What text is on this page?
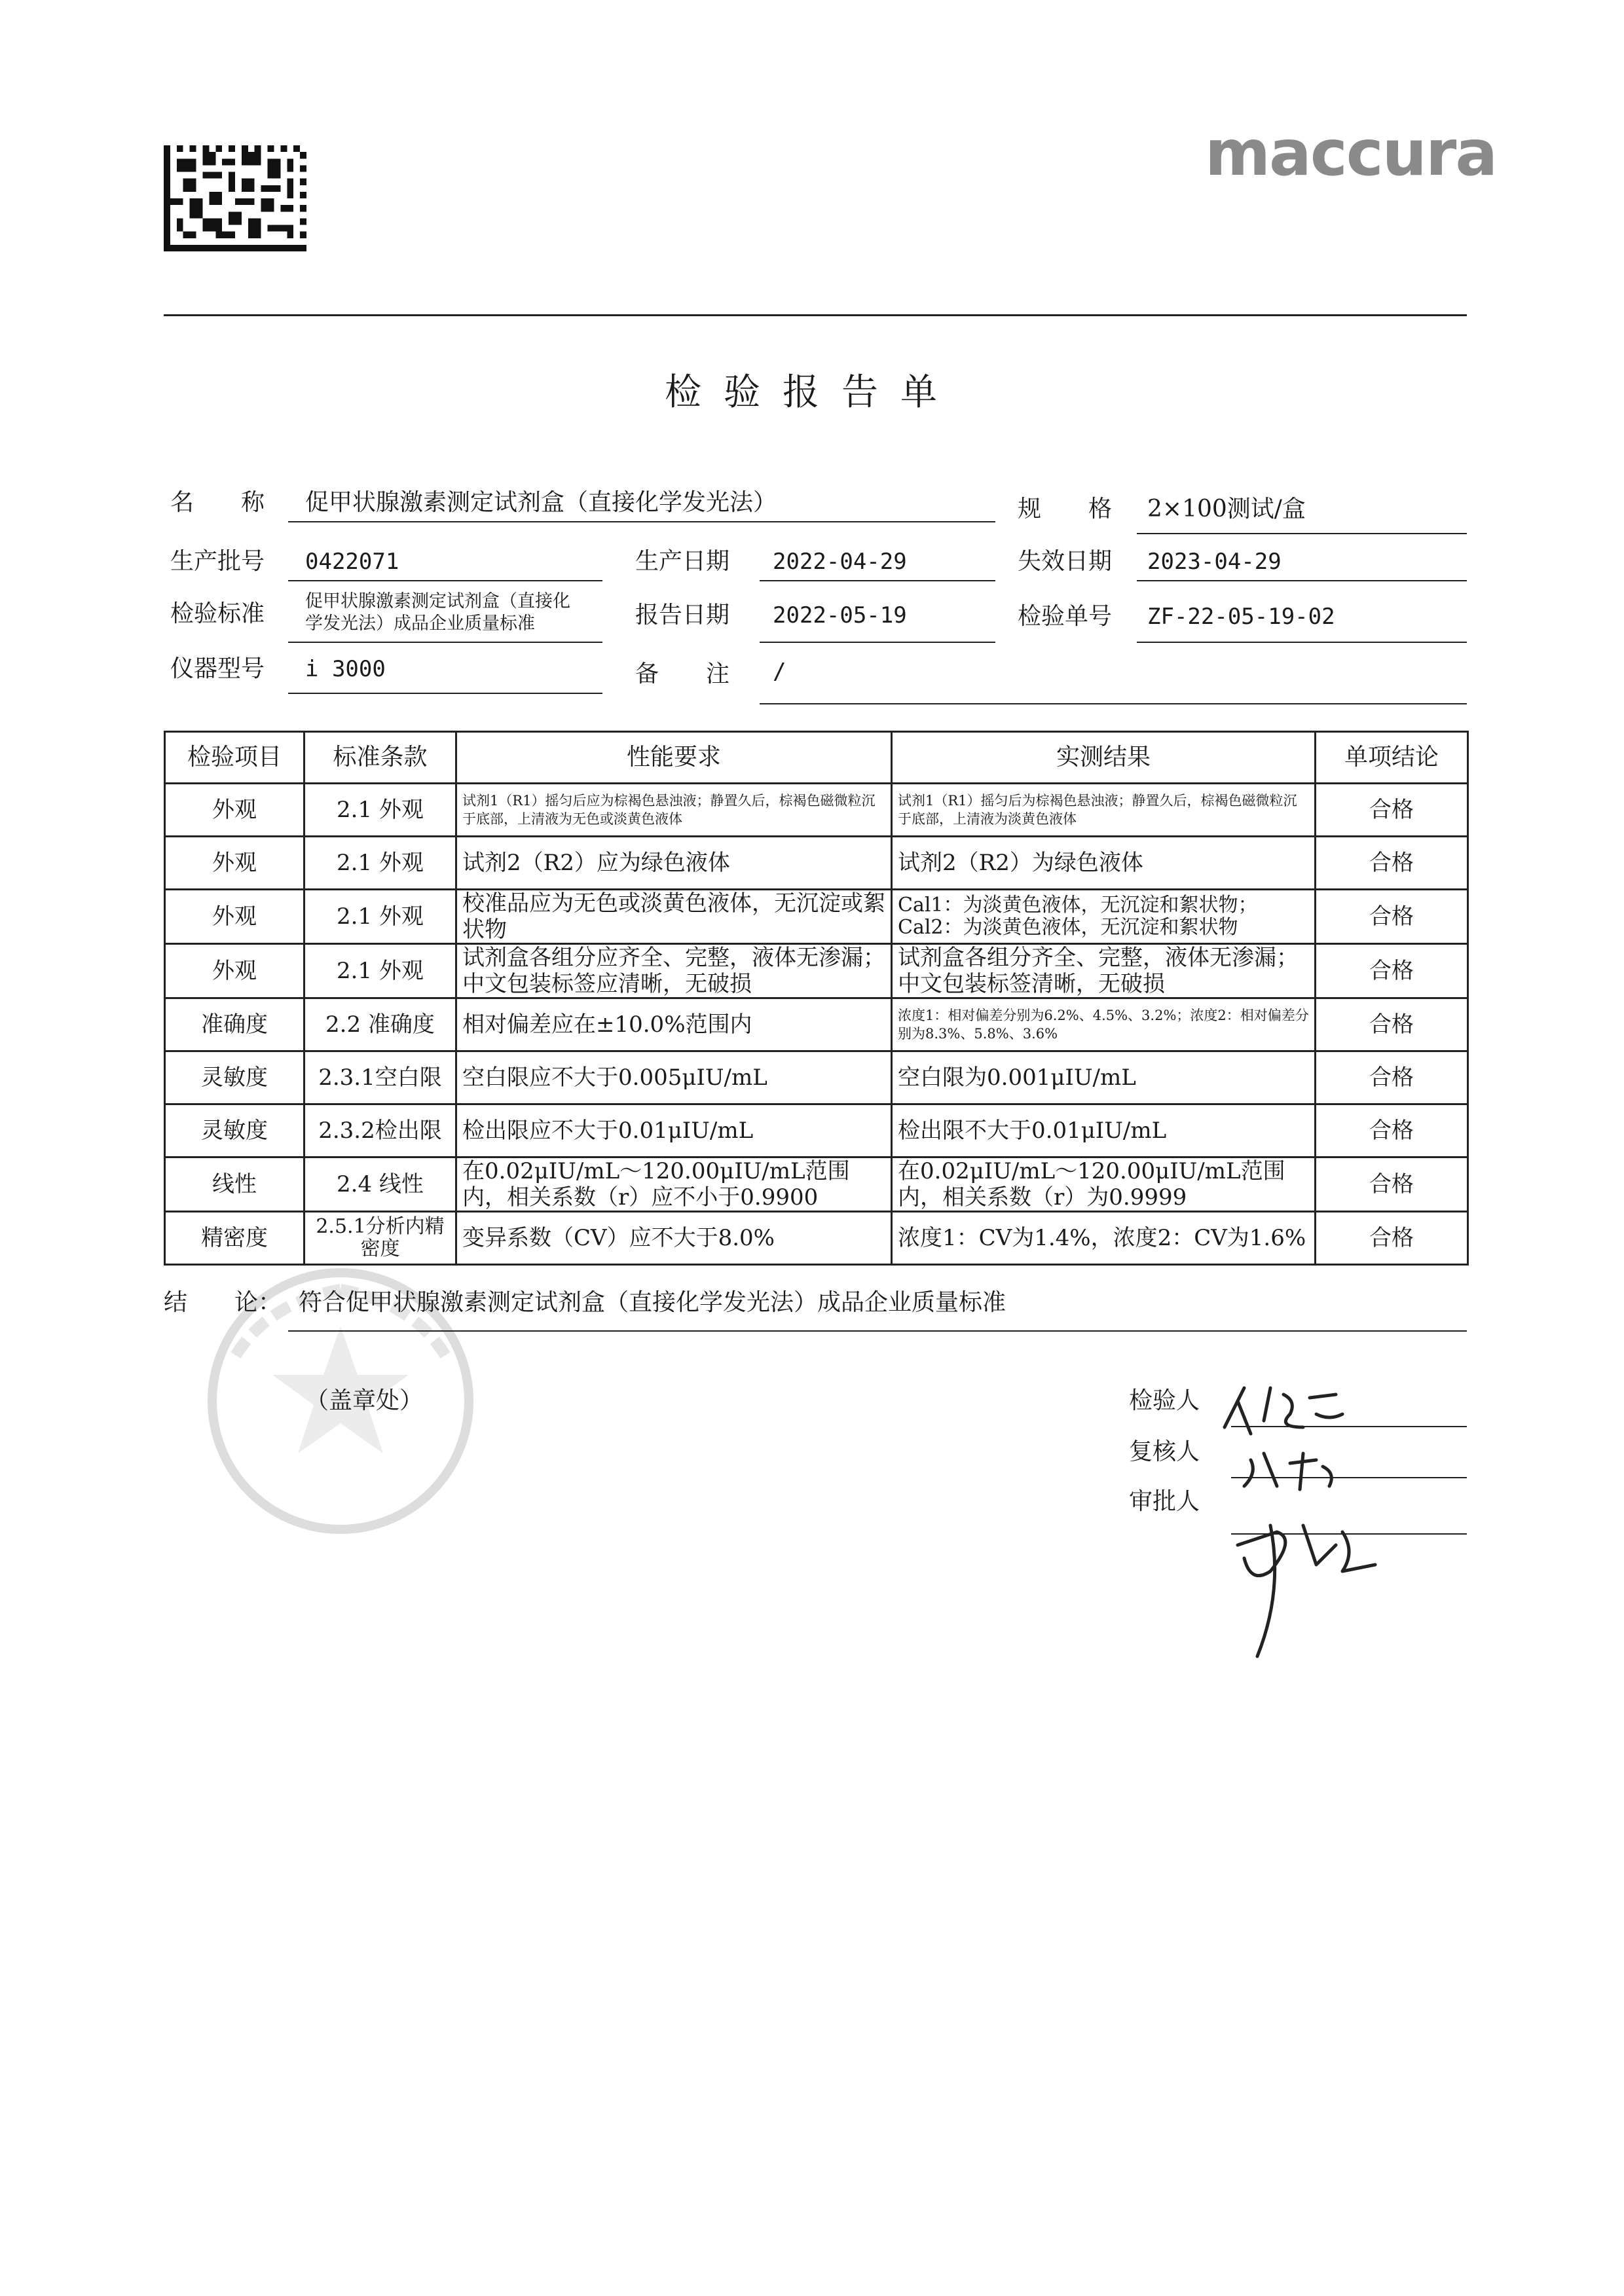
maccura
检验报告单
名　　称 促甲状腺激素测定试剂盒（直接化学发光法）	规　　格 2×100测试/盒
生产批号 0422071	生产日期 2022-04-29	失效日期 2023-04-29
检验标准 促甲状腺激素测定试剂盒（直接化
学发光法）成品企业质量标准	报告日期 2022-05-19	检验单号 ZF-22-05-19-02
仪器型号 i 3000	备　　注 /
检验项目	标准条款	性能要求	实测结果	单项结论
外观	2.1 外观	试剂1（R1）摇匀后应为棕褐色悬浊液；静置久后，棕褐色磁微粒沉于底部，上清液为无色或淡黄色液体	试剂1（R1）摇匀后为棕褐色悬浊液；静置久后，棕褐色磁微粒沉于底部，上清液为淡黄色液体	合格
外观	2.1 外观	试剂2（R2）应为绿色液体	试剂2（R2）为绿色液体	合格
外观	2.1 外观	校准品应为无色或淡黄色液体，无沉淀或絮状物	Cal1：为淡黄色液体，无沉淀和絮状物；Cal2：为淡黄色液体，无沉淀和絮状物	合格
外观	2.1 外观	试剂盒各组分应齐全、完整，液体无渗漏；中文包装标签应清晰，无破损	试剂盒各组分齐全、完整，液体无渗漏；中文包装标签清晰，无破损	合格
准确度	2.2 准确度	相对偏差应在±10.0%范围内	浓度1：相对偏差分别为6.2%、4.5%、3.2%；浓度2：相对偏差分别为8.3%、5.8%、3.6%	合格
灵敏度	2.3.1空白限	空白限应不大于0.005μIU/mL	空白限为0.001μIU/mL	合格
灵敏度	2.3.2检出限	检出限应不大于0.01μIU/mL	检出限不大于0.01μIU/mL	合格
线性	2.4 线性	在0.02μIU/mL～120.00μIU/mL范围内，相关系数（r）应不小于0.9900	在0.02μIU/mL～120.00μIU/mL范围内，相关系数（r）为0.9999	合格
精密度	2.5.1分析内精密度	变异系数（CV）应不大于8.0%	浓度1：CV为1.4%，浓度2：CV为1.6%	合格
结　　论： 符合促甲状腺激素测定试剂盒（直接化学发光法）成品企业质量标准
（盖章处）	检验人
复核人
审批人
